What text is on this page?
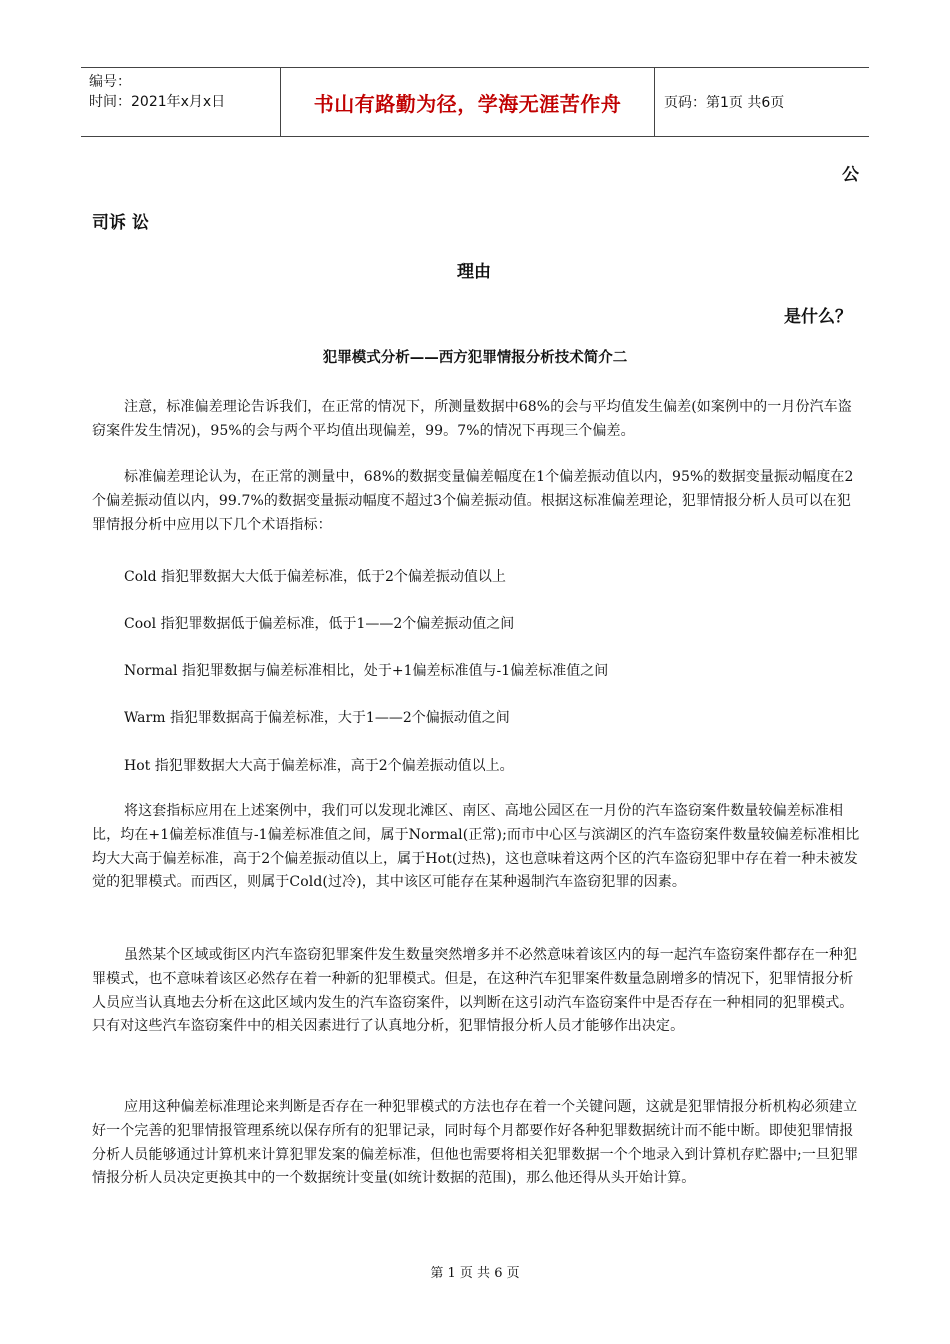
编号：
时间：2021年x月x日	书山有路勤为径，学海无涯苦作舟	页码：第1页 共6页
公
司诉 讼
理由
是什么？
犯罪模式分析——西方犯罪情报分析技术简介二

注意，标准偏差理论告诉我们，在正常的情况下，所测量数据中68%的会与平均值发生偏差(如案例中的一月份汽车盗窃案件发生情况)，95%的会与两个平均值出现偏差，99。7%的情况下再现三个偏差。

标准偏差理论认为，在正常的测量中，68%的数据变量偏差幅度在1个偏差振动值以内，95%的数据变量振动幅度在2个偏差振动值以内，99.7%的数据变量振动幅度不超过3个偏差振动值。根据这标准偏差理论，犯罪情报分析人员可以在犯罪情报分析中应用以下几个术语指标：

Cold 指犯罪数据大大低于偏差标准，低于2个偏差振动值以上
Cool 指犯罪数据低于偏差标准，低于1——2个偏差振动值之间
Normal 指犯罪数据与偏差标准相比，处于+1偏差标准值与-1偏差标准值之间
Warm 指犯罪数据高于偏差标准，大于1——2个偏振动值之间
Hot 指犯罪数据大大高于偏差标准，高于2个偏差振动值以上。

将这套指标应用在上述案例中，我们可以发现北滩区、南区、高地公园区在一月份的汽车盗窃案件数量较偏差标准相比，均在+1偏差标准值与-1偏差标准值之间，属于Normal(正常);而市中心区与滨湖区的汽车盗窃案件数量较偏差标准相比均大大高于偏差标准，高于2个偏差振动值以上，属于Hot(过热)，这也意味着这两个区的汽车盗窃犯罪中存在着一种未被发觉的犯罪模式。而西区，则属于Cold(过冷)，其中该区可能存在某种遏制汽车盗窃犯罪的因素。

虽然某个区域或街区内汽车盗窃犯罪案件发生数量突然增多并不必然意味着该区内的每一起汽车盗窃案件都存在一种犯罪模式，也不意味着该区必然存在着一种新的犯罪模式。但是，在这种汽车犯罪案件数量急剧增多的情况下，犯罪情报分析人员应当认真地去分析在这此区域内发生的汽车盗窃案件，以判断在这引动汽车盗窃案件中是否存在一种相同的犯罪模式。只有对这些汽车盗窃案件中的相关因素进行了认真地分析，犯罪情报分析人员才能够作出决定。

应用这种偏差标准理论来判断是否存在一种犯罪模式的方法也存在着一个关键问题，这就是犯罪情报分析机构必须建立好一个完善的犯罪情报管理系统以保存所有的犯罪记录，同时每个月都要作好各种犯罪数据统计而不能中断。即使犯罪情报分析人员能够通过计算机来计算犯罪发案的偏差标准，但他也需要将相关犯罪数据一个个地录入到计算机存贮器中;一旦犯罪情报分析人员决定更换其中的一个数据统计变量(如统计数据的范围)，那么他还得从头开始计算。

第 1 页 共 6 页
